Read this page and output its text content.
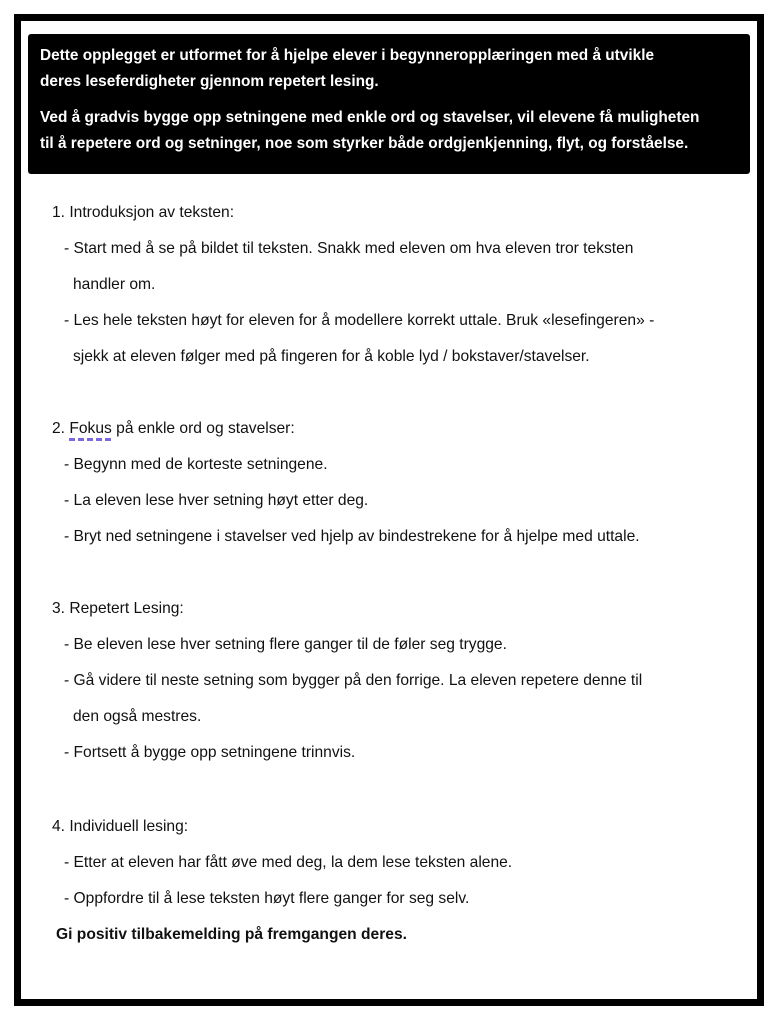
Dette opplegget er utformet for å hjelpe elever i begynneropplæringen med å utvikle
deres leseferdigheter gjennom repetert lesing.

Ved å gradvis bygge opp setningene med enkle ord og stavelser, vil elevene få muligheten
til å repetere ord og setninger, noe som styrker både ordgjenkjenning, flyt, og forståelse.

1. Introduksjon av teksten:
- Start med å se på bildet til teksten. Snakk med eleven om hva eleven tror teksten
handler om.
- Les hele teksten høyt for eleven for å modellere korrekt uttale. Bruk «lesefingeren» -
sjekk at eleven følger med på fingeren for å koble lyd / bokstaver/stavelser.
2. Fokus på enkle ord og stavelser:
- Begynn med de korteste setningene.
- La eleven lese hver setning høyt etter deg.
- Bryt ned setningene i stavelser ved hjelp av bindestrekene for å hjelpe med uttale.
3. Repetert Lesing:
- Be eleven lese hver setning flere ganger til de føler seg trygge.
- Gå videre til neste setning som bygger på den forrige. La eleven repetere denne til
den også mestres.
- Fortsett å bygge opp setningene trinnvis.
4. Individuell lesing:
- Etter at eleven har fått øve med deg, la dem lese teksten alene.
- Oppfordre til å lese teksten høyt flere ganger for seg selv.
Gi positiv tilbakemelding på fremgangen deres.
